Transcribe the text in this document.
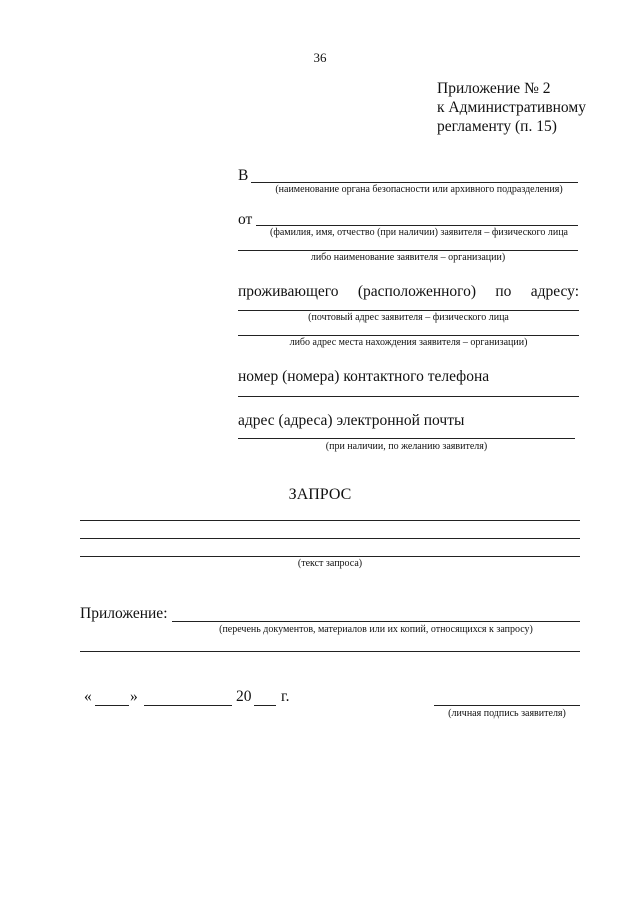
36
Приложение № 2
к Административному
регламенту (п. 15)
В
(наименование органа безопасности или архивного подразделения)
от
(фамилия, имя, отчество (при наличии) заявителя – физического лица
либо наименование заявителя – организации)
проживающего (расположенного) по адресу:
(почтовый адрес заявителя – физического лица
либо адрес места нахождения заявителя – организации)
номер (номера) контактного телефона
адрес (адреса) электронной почты
(при наличии, по желанию заявителя)
ЗАПРОС
(текст запроса)
Приложение:
(перечень документов, материалов или их копий, относящихся к запросу)
« »	20 г.
(личная подпись заявителя)
